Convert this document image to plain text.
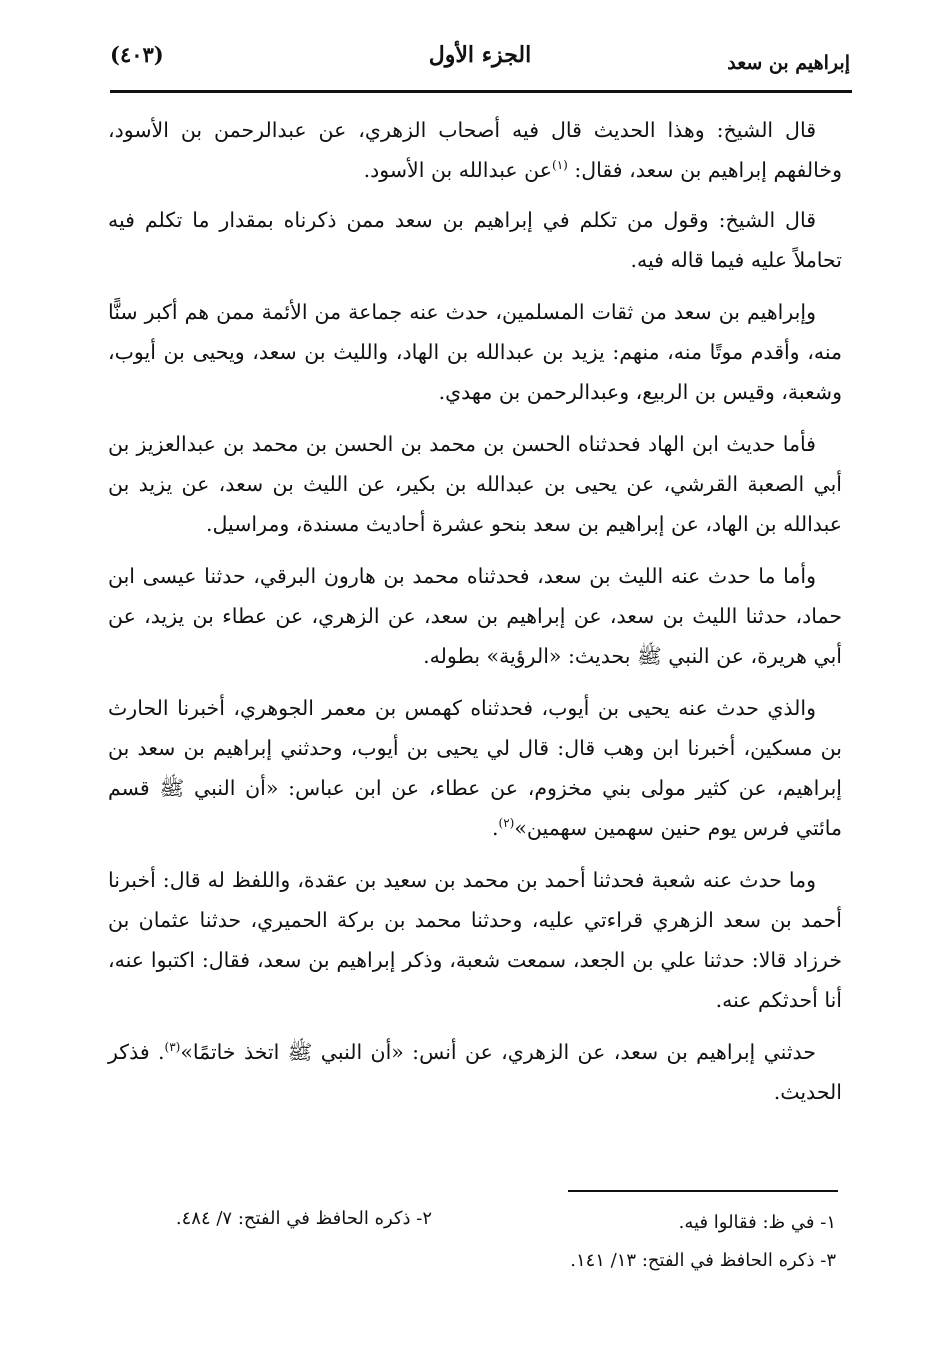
إبراهيم بن سعد
الجزء الأول
(٤٠٣)

قال الشيخ: وهذا الحديث قال فيه أصحاب الزهري، عن عبدالرحمن بن الأسود، وخالفهم إبراهيم بن سعد، فقال: $^{(١)}$عن عبدالله بن الأسود.

قال الشيخ: وقول من تكلم في إبراهيم بن سعد ممن ذكرناه بمقدار ما تكلم فيه تحاملاً عليه فيما قاله فيه.

وإبراهيم بن سعد من ثقات المسلمين، حدث عنه جماعة من الأئمة ممن هم أكبر سنًّا منه، وأقدم موتًا منه، منهم: يزيد بن عبدالله بن الهاد، والليث بن سعد، ويحيى بن أيوب، وشعبة، وقيس بن الربيع، وعبدالرحمن بن مهدي.

فأما حديث ابن الهاد فحدثناه الحسن بن محمد بن الحسن بن محمد بن عبدالعزيز بن أبي الصعبة القرشي، عن يحيى بن عبدالله بن بكير، عن الليث بن سعد، عن يزيد بن عبدالله بن الهاد، عن إبراهيم بن سعد بنحو عشرة أحاديث مسندة، ومراسيل.

وأما ما حدث عنه الليث بن سعد، فحدثناه محمد بن هارون البرقي، حدثنا عيسى ابن حماد، حدثنا الليث بن سعد، عن إبراهيم بن سعد، عن الزهري، عن عطاء بن يزيد، عن أبي هريرة، عن النبي ﷺ بحديث: «الرؤية» بطوله.

والذي حدث عنه يحيى بن أيوب، فحدثناه كهمس بن معمر الجوهري، أخبرنا الحارث بن مسكين، أخبرنا ابن وهب قال: قال لي يحيى بن أيوب، وحدثني إبراهيم بن سعد بن إبراهيم، عن كثير مولى بني مخزوم، عن عطاء، عن ابن عباس: «أن النبي ﷺ قسم مائتي فرس يوم حنين سهمين سهمين»$^{(٢)}$.

وما حدث عنه شعبة فحدثنا أحمد بن محمد بن سعيد بن عقدة، واللفظ له قال: أخبرنا أحمد بن سعد الزهري قراءتي عليه، وحدثنا محمد بن بركة الحميري، حدثنا عثمان بن خرزاد قالا: حدثنا علي بن الجعد، سمعت شعبة، وذكر إبراهيم بن سعد، فقال: اكتبوا عنه، أنا أحدثكم عنه.

حدثني إبراهيم بن سعد، عن الزهري، عن أنس: «أن النبي ﷺ اتخذ خاتمًا»$^{(٣)}$. فذكر الحديث.

١- في ظ: فقالوا فيه.
٢- ذكره الحافظ في الفتح: ٧/ ٤٨٤.
٣- ذكره الحافظ في الفتح: ١٣/ ١٤١.
